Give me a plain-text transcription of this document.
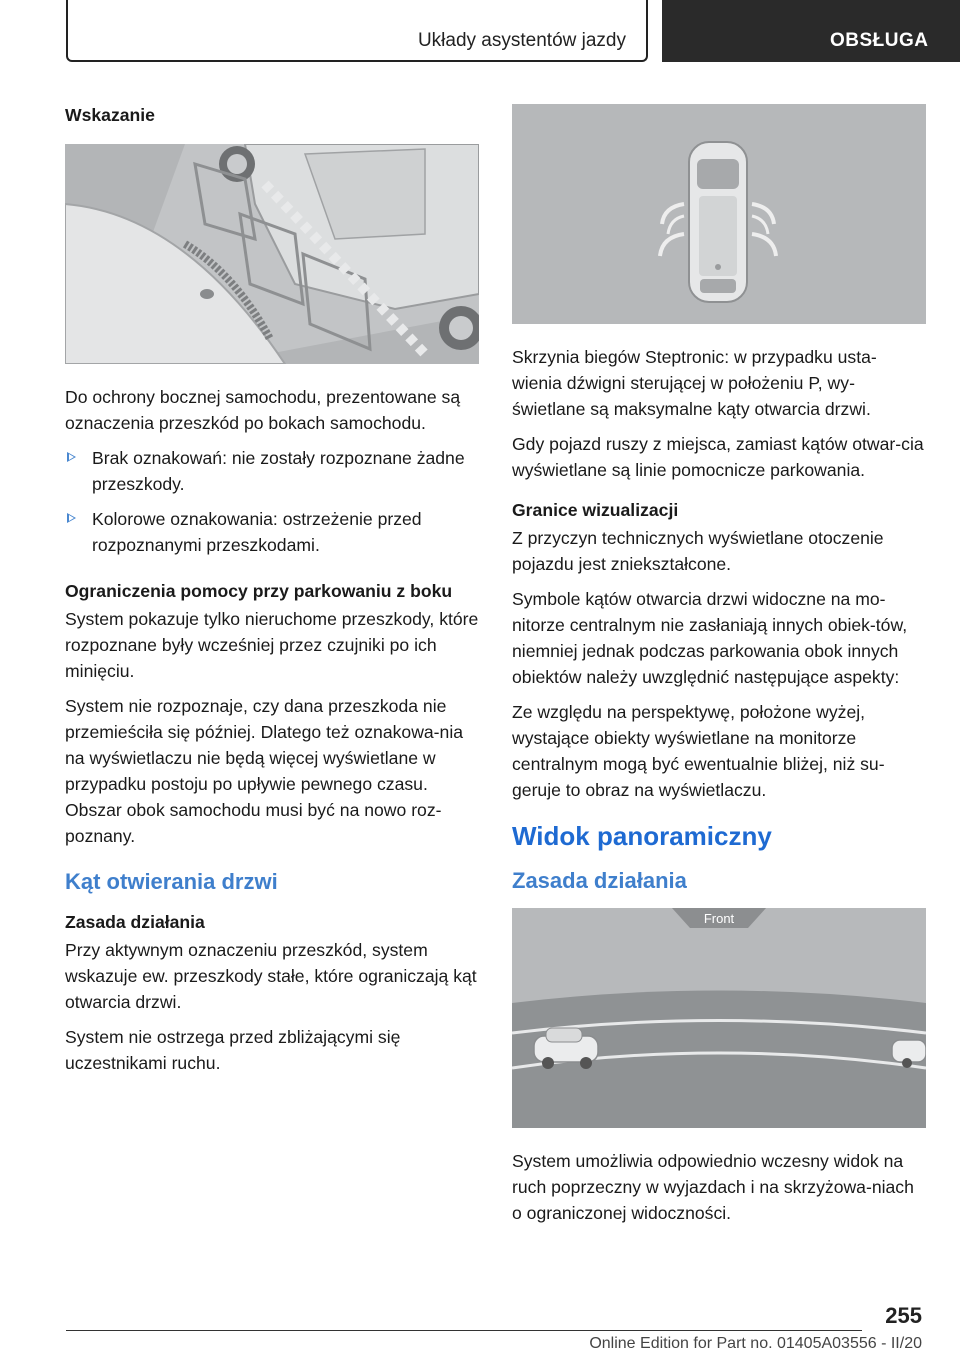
Układy asystentów jazdy	OBSŁUGA
Wskazanie

Do ochrony bocznej samochodu, prezentowane są oznaczenia przeszkód po bokach samochodu.

Brak oznakowań: nie zostały rozpoznane żadne przeszkody.
Kolorowe oznakowania: ostrzeżenie przed rozpoznanymi przeszkodami.
Ograniczenia pomocy przy parkowaniu z boku

System pokazuje tylko nieruchome przeszkody, które rozpoznane były wcześniej przez czujniki po ich minięciu.

System nie rozpoznaje, czy dana przeszkoda nie przemieściła się później. Dlatego też oznakowa-nia na wyświetlaczu nie będą więcej wyświetlane w przypadku postoju po upływie pewnego czasu. Obszar obok samochodu musi być na nowo roz-poznany.

Kąt otwierania drzwi
Zasada działania

Przy aktywnym oznaczeniu przeszkód, system wskazuje ew. przeszkody stałe, które ograniczają kąt otwarcia drzwi.

System nie ostrzega przed zbliżającymi się uczestnikami ruchu.

Skrzynia biegów Steptronic: w przypadku usta-wienia dźwigni sterującej w położeniu P, wy-świetlane są maksymalne kąty otwarcia drzwi.

Gdy pojazd ruszy z miejsca, zamiast kątów otwar-cia wyświetlane są linie pomocnicze parkowania.

Granice wizualizacji

Z przyczyn technicznych wyświetlane otoczenie pojazdu jest zniekształcone.

Symbole kątów otwarcia drzwi widoczne na mo-nitorze centralnym nie zasłaniają innych obiek-tów, niemniej jednak podczas parkowania obok innych obiektów należy uwzględnić następujące aspekty:

Ze względu na perspektywę, położone wyżej, wystające obiekty wyświetlane na monitorze centralnym mogą być ewentualnie bliżej, niż su-geruje to obraz na wyświetlaczu.

Widok panoramiczny
Zasada działania
Front

System umożliwia odpowiednio wczesny widok na ruch poprzeczny w wyjazdach i na skrzyżowa-niach o ograniczonej widoczności.

255
Online Edition for Part no. 01405A03556 - II/20
